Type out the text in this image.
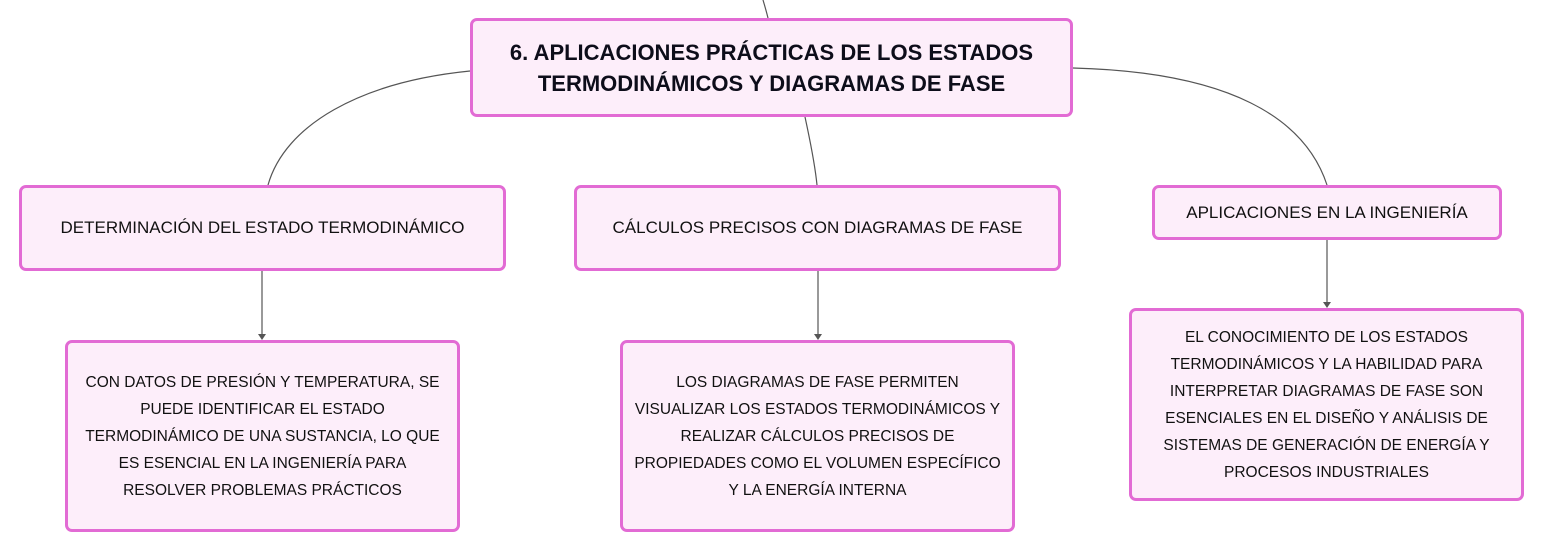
6. APLICACIONES PRÁCTICAS DE LOS ESTADOS TERMODINÁMICOS Y DIAGRAMAS DE FASE
DETERMINACIÓN DEL ESTADO TERMODINÁMICO	CÁLCULOS PRECISOS CON DIAGRAMAS DE FASE
APLICACIONES EN LA INGENIERÍA
CON DATOS DE PRESIÓN Y TEMPERATURA, SE PUEDE IDENTIFICAR EL ESTADO TERMODINÁMICO DE UNA SUSTANCIA, LO QUE ES ESENCIAL EN LA INGENIERÍA PARA RESOLVER PROBLEMAS PRÁCTICOS
LOS DIAGRAMAS DE FASE PERMITEN VISUALIZAR LOS ESTADOS TERMODINÁMICOS Y REALIZAR CÁLCULOS PRECISOS DE PROPIEDADES COMO EL VOLUMEN ESPECÍFICO Y LA ENERGÍA INTERNA
EL CONOCIMIENTO DE LOS ESTADOS TERMODINÁMICOS Y LA HABILIDAD PARA INTERPRETAR DIAGRAMAS DE FASE SON ESENCIALES EN EL DISEÑO Y ANÁLISIS DE SISTEMAS DE GENERACIÓN DE ENERGÍA Y PROCESOS INDUSTRIALES
